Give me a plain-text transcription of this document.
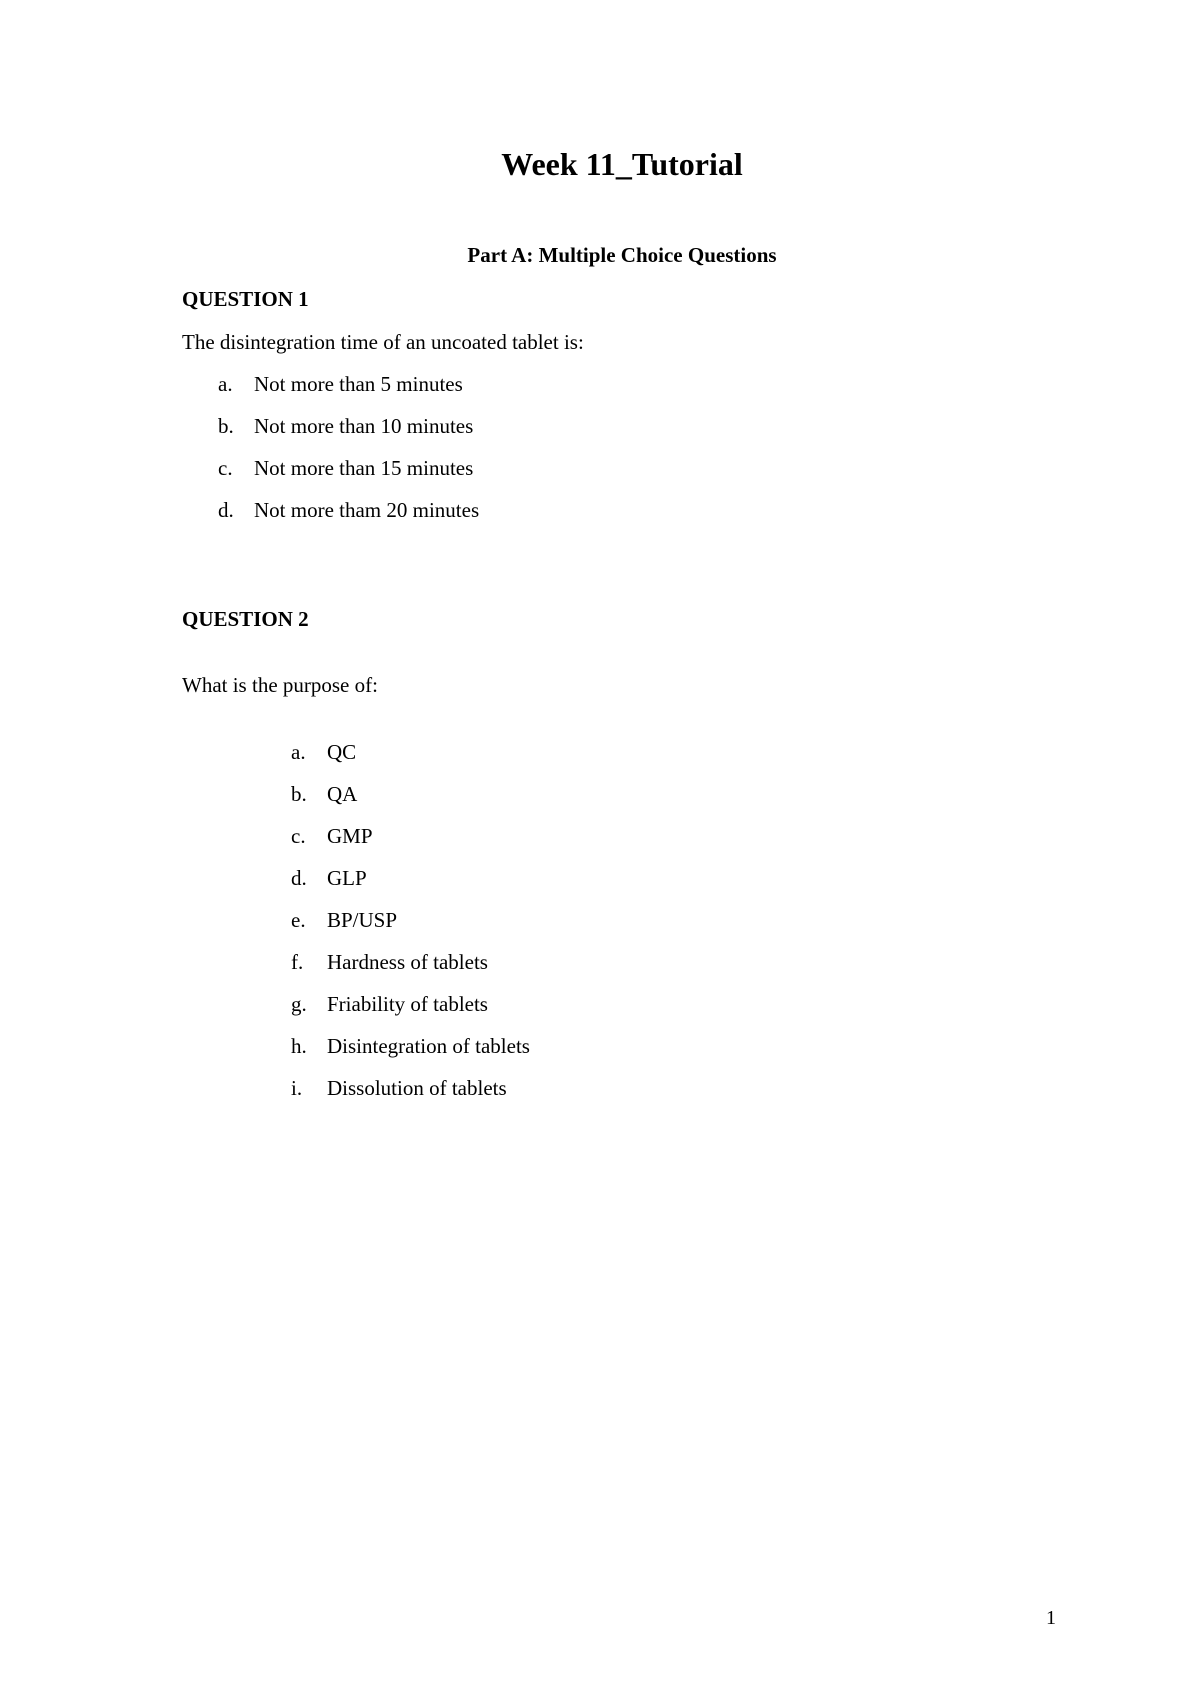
Week 11_Tutorial
Part A: Multiple Choice Questions
QUESTION 1
The disintegration time of an uncoated tablet is:
a.	Not more than 5 minutes
b. Not more than 10 minutes
c.	Not more than 15 minutes
d. Not more tham 20 minutes
QUESTION 2
What is the purpose of:
a.	QC
b. QA
c.	GMP
d. GLP
e.	BP/USP
f.	Hardness of tablets
g. Friability of tablets
h. Disintegration of tablets
i.	Dissolution of tablets
1
